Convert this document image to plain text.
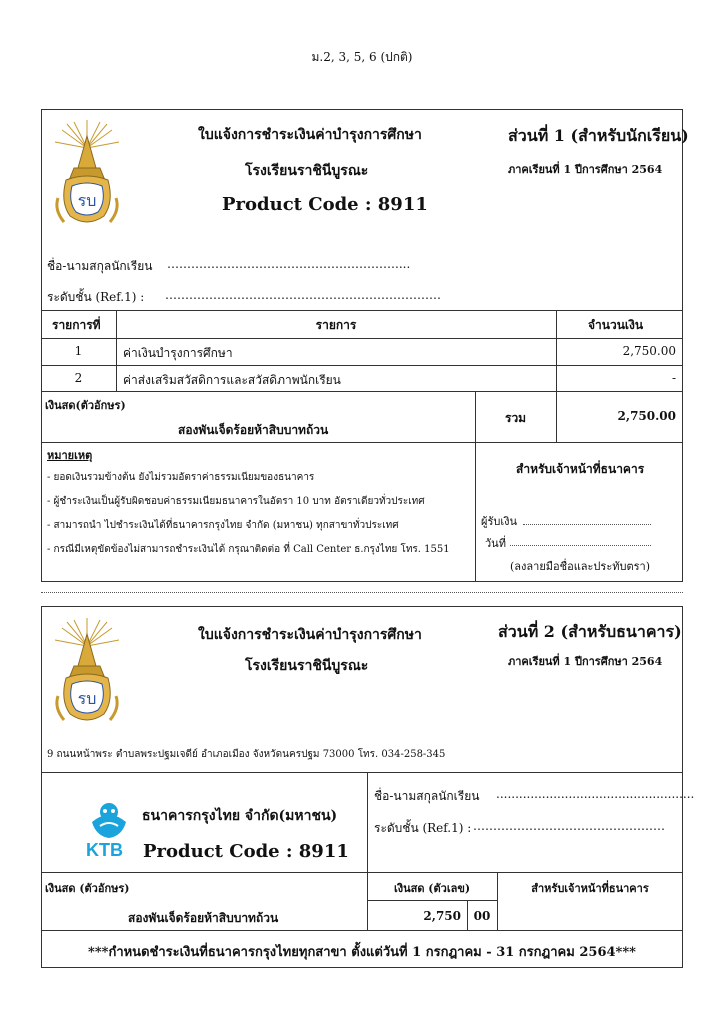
ม.2, 3, 5, 6 (ปกติ)
รบ
ใบแจ้งการชำระเงินค่าบำรุงการศึกษา
โรงเรียนราชินีบูรณะ
Product Code : 8911
ส่วนที่ 1 (สำหรับนักเรียน)
ภาคเรียนที่ 1 ปีการศึกษา 2564
ชื่อ-นามสกุลนักเรียน …………………………………………………....
ระดับชั้น (Ref.1) : ……………………………………………………………
รายการที่	รายการ	จำนวนเงิน
1	ค่าเงินบำรุงการศึกษา	2,750.00
2	ค่าส่งเสริมสวัสดิการและสวัสดิภาพนักเรียน	-
เงินสด(ตัวอักษร)
สองพันเจ็ดร้อยห้าสิบบาทถ้วน
รวม	2,750.00
หมายเหตุ
- ยอดเงินรวมข้างต้น ยังไม่รวมอัตราค่าธรรมเนียมของธนาคาร
- ผู้ชำระเงินเป็นผู้รับผิดชอบค่าธรรมเนียมธนาคารในอัตรา 10 บาท อัตราเดียวทั่วประเทศ
- สามารถนำ ไปชำระเงินได้ที่ธนาคารกรุงไทย จำกัด (มหาชน) ทุกสาขาทั่วประเทศ
- กรณีมีเหตุขัดข้องไม่สามารถชำระเงินได้ กรุณาติดต่อ ที่ Call Center ธ.กรุงไทย โทร. 1551
สำหรับเจ้าหน้าที่ธนาคาร
ผู้รับเงิน
วันที่
(ลงลายมือชื่อและประทับตรา)
รบ
ใบแจ้งการชำระเงินค่าบำรุงการศึกษา
โรงเรียนราชินีบูรณะ
ส่วนที่ 2 (สำหรับธนาคาร)
ภาคเรียนที่ 1 ปีการศึกษา 2564
9 ถนนหน้าพระ ตำบลพระปฐมเจดีย์ อำเภอเมือง จังหวัดนครปฐม 73000 โทร. 034-258-345
KTB
ธนาคารกรุงไทย จำกัด(มหาชน)
Product Code : 8911
ชื่อ-นามสกุลนักเรียน ....................................................
ระดับชั้น (Ref.1) : …………………………………………
เงินสด (ตัวอักษร)
สองพันเจ็ดร้อยห้าสิบบาทถ้วน
เงินสด (ตัวเลข)
2,750	00
สำหรับเจ้าหน้าที่ธนาคาร
***กำหนดชำระเงินที่ธนาคารกรุงไทยทุกสาขา ตั้งแต่วันที่ 1 กรกฎาคม - 31 กรกฎาคม 2564***
